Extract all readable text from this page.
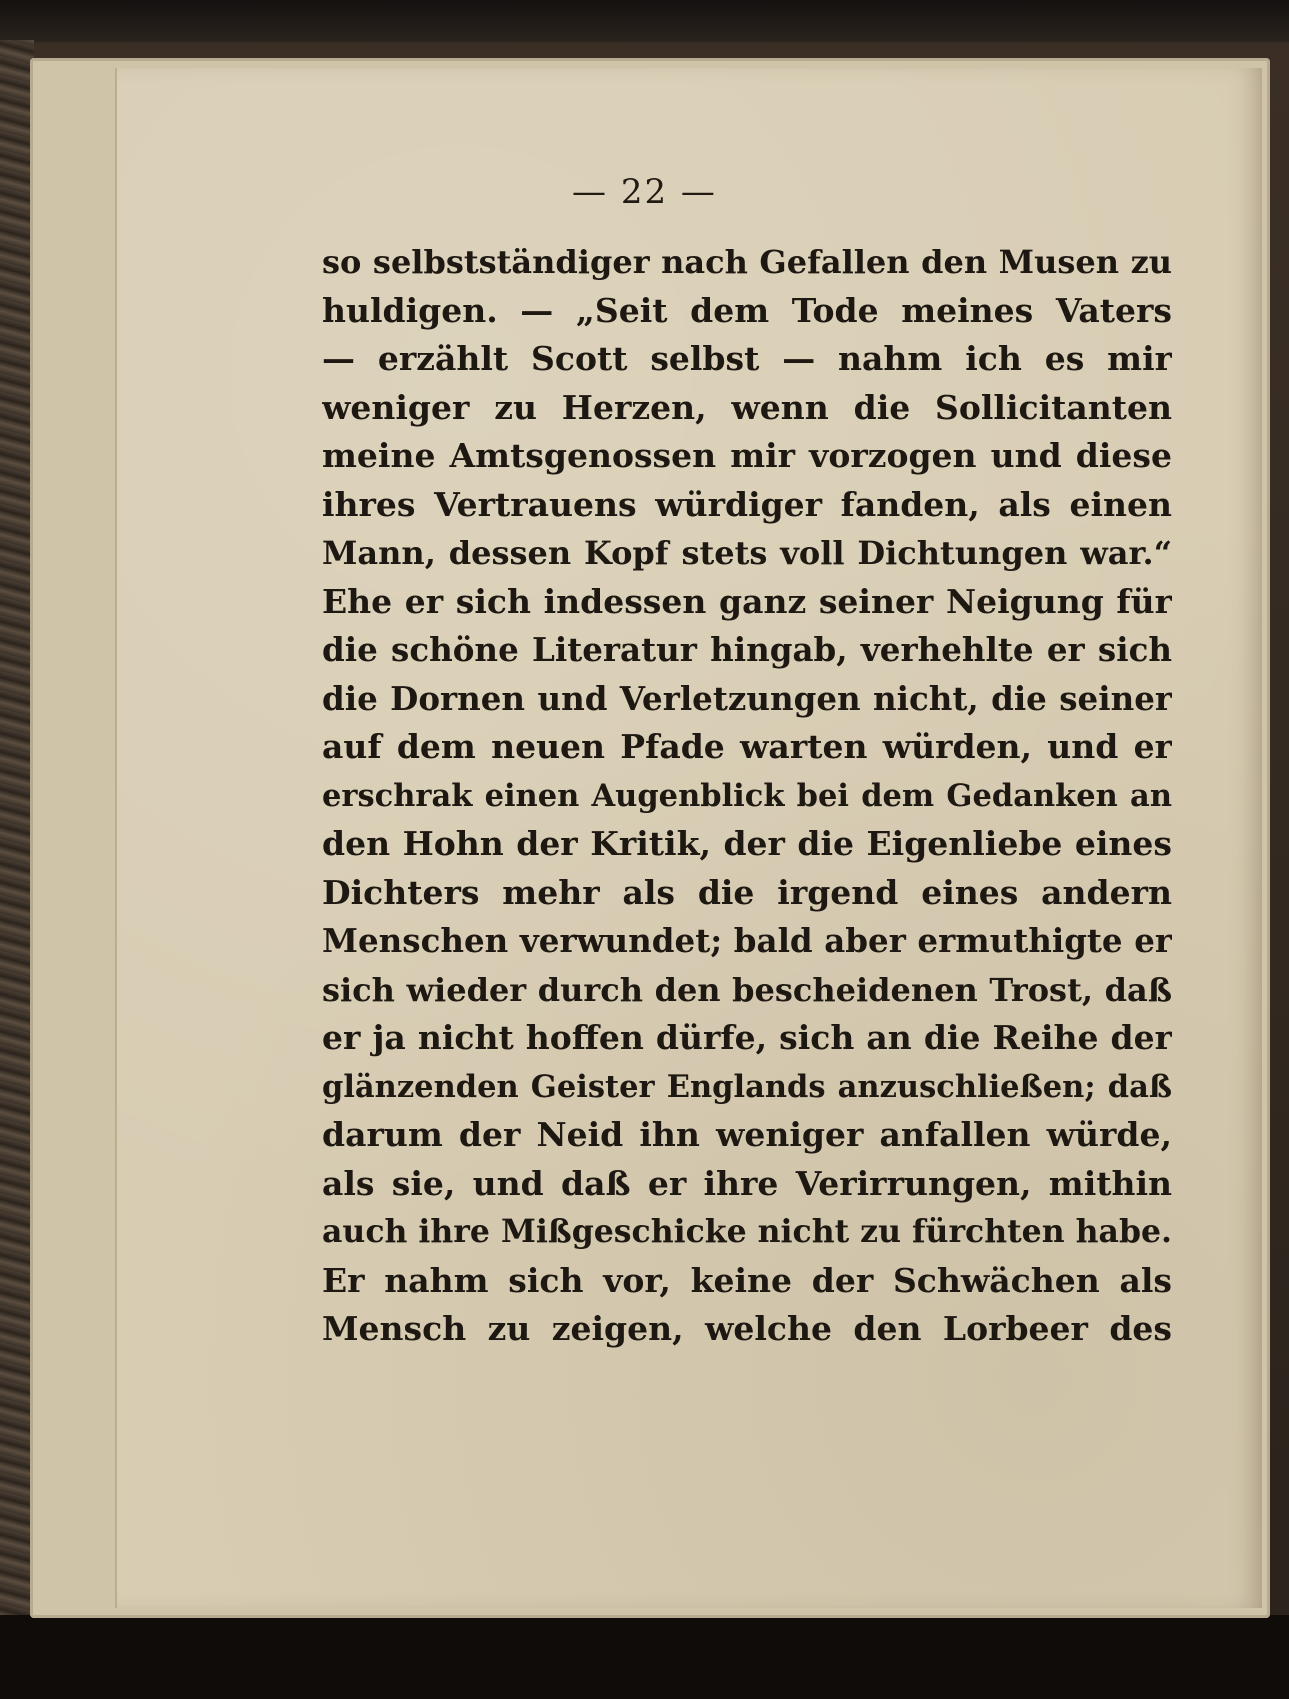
— 22 —
so selbstständiger nach Gefallen den Musen zu
huldigen. — „Seit dem Tode meines Vaters
— erzählt Scott selbst — nahm ich es mir
weniger zu Herzen, wenn die Sollicitanten
meine Amtsgenossen mir vorzogen und diese
ihres Vertrauens würdiger fanden, als einen
Mann, dessen Kopf stets voll Dichtungen war.“
Ehe er sich indessen ganz seiner Neigung für
die schöne Literatur hingab, verhehlte er sich
die Dornen und Verletzungen nicht, die seiner
auf dem neuen Pfade warten würden, und er
erschrak einen Augenblick bei dem Gedanken an
den Hohn der Kritik, der die Eigenliebe eines
Dichters mehr als die irgend eines andern
Menschen verwundet; bald aber ermuthigte er
sich wieder durch den bescheidenen Trost, daß
er ja nicht hoffen dürfe, sich an die Reihe der
glänzenden Geister Englands anzuschließen; daß
darum der Neid ihn weniger anfallen würde,
als sie, und daß er ihre Verirrungen, mithin
auch ihre Mißgeschicke nicht zu fürchten habe.
Er nahm sich vor, keine der Schwächen als
Mensch zu zeigen, welche den Lorbeer des
